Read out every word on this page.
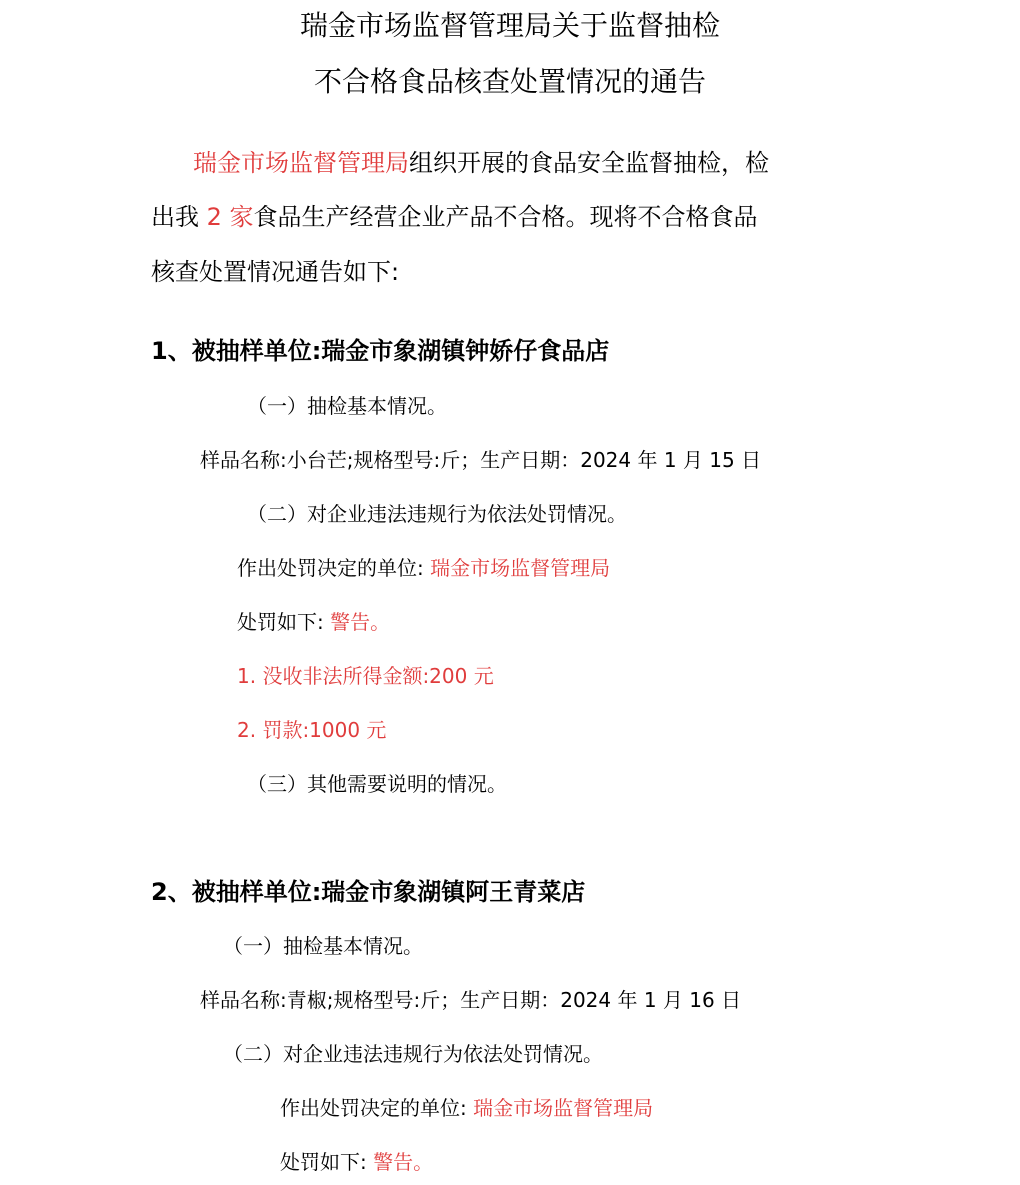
瑞金市场监督管理局关于监督抽检
不合格食品核查处置情况的通告
瑞金市场监督管理局组织开展的食品安全监督抽检，检
出我 2 家食品生产经营企业产品不合格。现将不合格食品
核查处置情况通告如下:
1、被抽样单位:瑞金市象湖镇钟娇仔食品店
（一）抽检基本情况。
样品名称:小台芒;规格型号:斤；生产日期：2024 年 1 月 15 日
（二）对企业违法违规行为依法处罚情况。
作出处罚决定的单位: 瑞金市场监督管理局
处罚如下: 警告。
1. 没收非法所得金额:200 元
2. 罚款:1000 元
（三）其他需要说明的情况。
2、被抽样单位:瑞金市象湖镇阿王青菜店
（一）抽检基本情况。
样品名称:青椒;规格型号:斤；生产日期：2024 年 1 月 16 日
（二）对企业违法违规行为依法处罚情况。
作出处罚决定的单位: 瑞金市场监督管理局
处罚如下: 警告。
